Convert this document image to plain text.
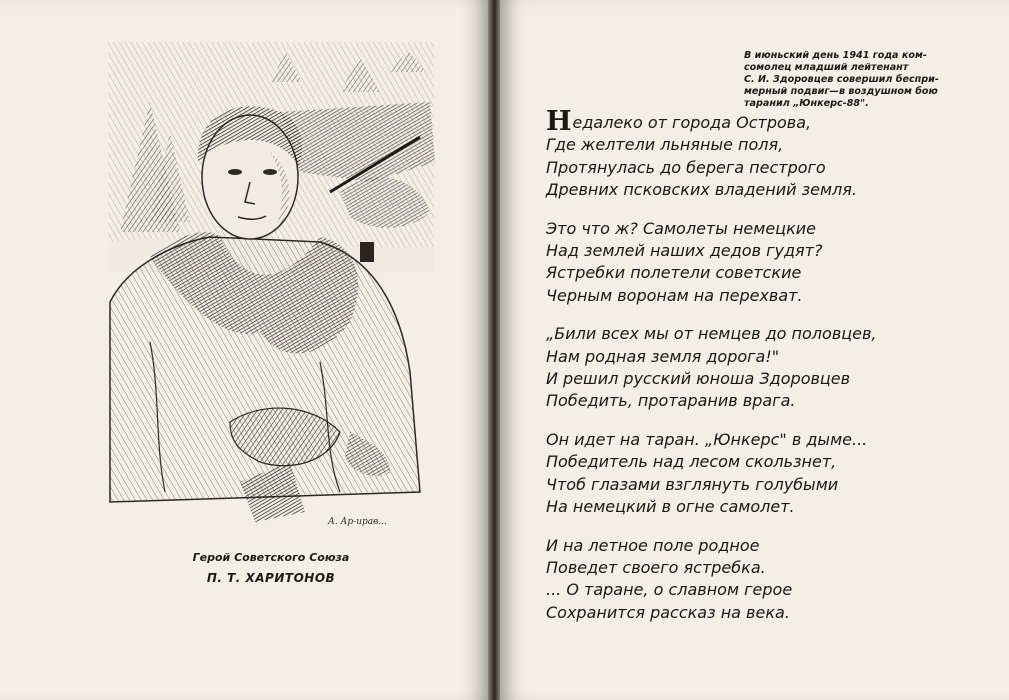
А. Ар-ирав...
Герой Советского Союза
П. Т. ХАРИТОНОВ
В июньский день 1941 года ком-
сомолец младший лейтенант
С. И. Здоровцев совершил беспри-
мерный подвиг—в воздушном бою
таранил „Юнкерс-88".
Недалеко от города Острова,
Где желтели льняные поля,
Протянулась до берега пестрого
Древних псковских владений земля.
Это что ж? Самолеты немецкие
Над землей наших дедов гудят?
Ястребки полетели советские
Черным воронам на перехват.
„Били всех мы от немцев до половцев,
Нам родная земля дорога!"
И решил русский юноша Здоровцев
Победить, протаранив врага.
Он идет на таран. „Юнкерс" в дыме...
Победитель над лесом скользнет,
Чтоб глазами взглянуть голубыми
На немецкий в огне самолет.
И на летное поле родное
Поведет своего ястребка.
... О таране, о славном герое
Сохранится рассказ на века.
